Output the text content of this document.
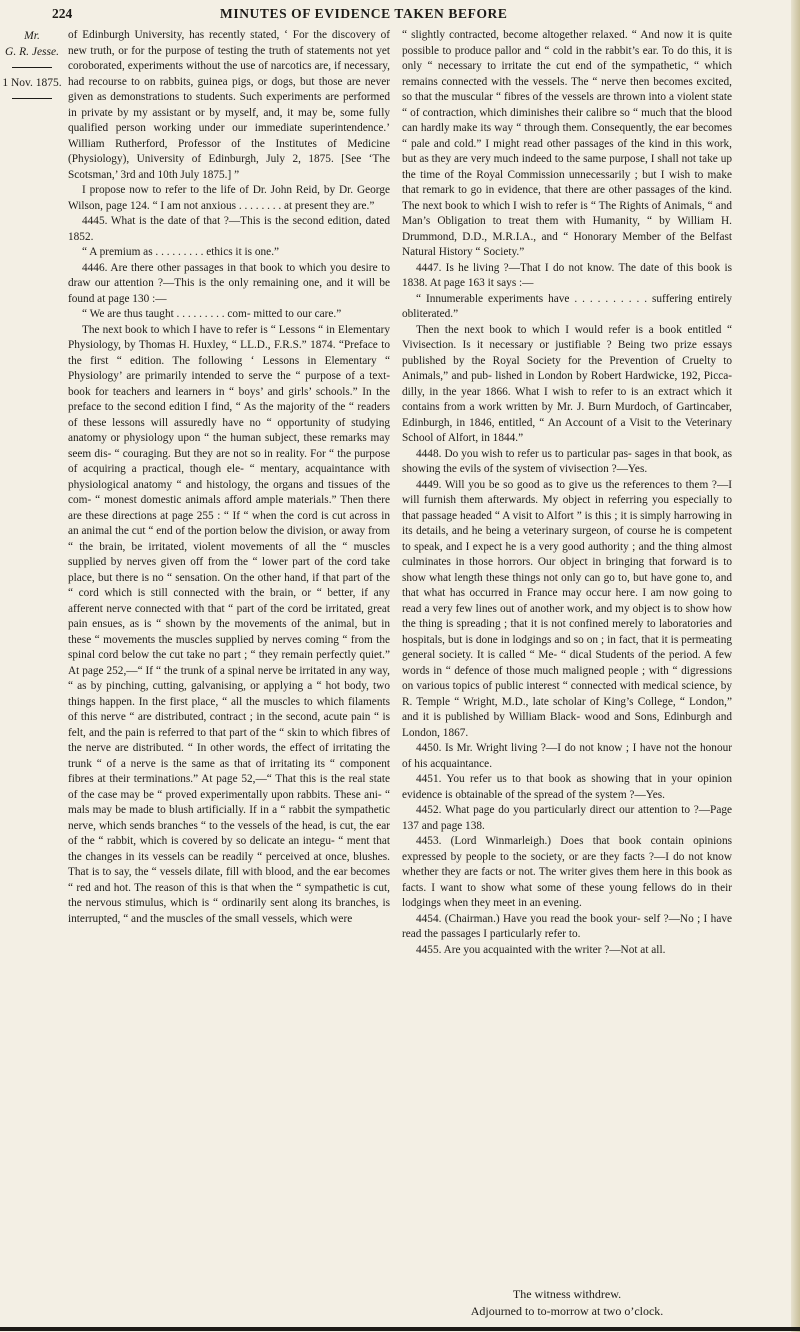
224	MINUTES OF EVIDENCE TAKEN BEFORE
Mr.
G. R. Jesse.
1 Nov. 1875.

of Edinburgh University, has recently stated, ‘ For the discovery of new truth, or for the purpose of testing the truth of statements not yet coroborated, experiments without the use of narcotics are, if necessary, had recourse to on rabbits, guinea pigs, or dogs, but those are never given as demonstrations to students. Such experiments are performed in private by my assistant or by myself, and, it may be, some fully qualified person working under our immediate superintendence.’ William Rutherford, Professor of the Institutes of Medicine (Physiology), University of Edinburgh, July 2, 1875. [See ‘The Scotsman,’ 3rd and 10th July 1875.] ”

I propose now to refer to the life of Dr. John Reid, by Dr. George Wilson, page 124. “ I am not anxious . . . . . . . . at present they are.”

4445. What is the date of that ?—This is the second edition, dated 1852.

“ A premium as . . . . . . . . . ethics it is one.”

4446. Are there other passages in that book to which you desire to draw our attention ?—This is the only remaining one, and it will be found at page 130 :—

“ We are thus taught . . . . . . . . . com- mitted to our care.”

The next book to which I have to refer is “ Lessons “ in Elementary Physiology, by Thomas H. Huxley, “ LL.D., F.R.S.” 1874. “Preface to the first “ edition. The following ‘ Lessons in Elementary “ Physiology’ are primarily intended to serve the “ purpose of a text-book for teachers and learners in “ boys’ and girls’ schools.” In the preface to the second edition I find, “ As the majority of the “ readers of these lessons will assuredly have no “ opportunity of studying anatomy or physiology upon “ the human subject, these remarks may seem dis- “ couraging. But they are not so in reality. For “ the purpose of acquiring a practical, though ele- “ mentary, acquaintance with physiological anatomy “ and histology, the organs and tissues of the com- “ monest domestic animals afford ample materials.” Then there are these directions at page 255 : “ If “ when the cord is cut across in an animal the cut “ end of the portion below the division, or away from “ the brain, be irritated, violent movements of all the “ muscles supplied by nerves given off from the “ lower part of the cord take place, but there is no “ sensation. On the other hand, if that part of the “ cord which is still connected with the brain, or “ better, if any afferent nerve connected with that “ part of the cord be irritated, great pain ensues, as is “ shown by the movements of the animal, but in these “ movements the muscles supplied by nerves coming “ from the spinal cord below the cut take no part ; “ they remain perfectly quiet.” At page 252,—“ If “ the trunk of a spinal nerve be irritated in any way, “ as by pinching, cutting, galvanising, or applying a “ hot body, two things happen. In the first place, “ all the muscles to which filaments of this nerve “ are distributed, contract ; in the second, acute pain “ is felt, and the pain is referred to that part of the “ skin to which fibres of the nerve are distributed. “ In other words, the effect of irritating the trunk “ of a nerve is the same as that of irritating its “ component fibres at their terminations.” At page 52,—“ That this is the real state of the case may be “ proved experimentally upon rabbits. These ani- “ mals may be made to blush artificially. If in a “ rabbit the sympathetic nerve, which sends branches “ to the vessels of the head, is cut, the ear of the “ rabbit, which is covered by so delicate an integu- “ ment that the changes in its vessels can be readily “ perceived at once, blushes. That is to say, the “ vessels dilate, fill with blood, and the ear becomes “ red and hot. The reason of this is that when the “ sympathetic is cut, the nervous stimulus, which is “ ordinarily sent along its branches, is interrupted, “ and the muscles of the small vessels, which were

“ slightly contracted, become altogether relaxed. “ And now it is quite possible to produce pallor and “ cold in the rabbit’s ear. To do this, it is only “ necessary to irritate the cut end of the sympathetic, “ which remains connected with the vessels. The “ nerve then becomes excited, so that the muscular “ fibres of the vessels are thrown into a violent state “ of contraction, which diminishes their calibre so “ much that the blood can hardly make its way “ through them. Consequently, the ear becomes “ pale and cold.” I might read other passages of the kind in this work, but as they are very much indeed to the same purpose, I shall not take up the time of the Royal Commission unnecessarily ; but I wish to make that remark to go in evidence, that there are other passages of the kind. The next book to which I wish to refer is “ The Rights of Animals, “ and Man’s Obligation to treat them with Humanity, “ by William H. Drummond, D.D., M.R.I.A., and “ Honorary Member of the Belfast Natural History “ Society.”

4447. Is he living ?—That I do not know. The date of this book is 1838. At page 163 it says :—

“ Innumerable experiments have . . . . . . . . . . suffering entirely obliterated.”

Then the next book to which I would refer is a book entitled “ Vivisection. Is it necessary or justifiable ? Being two prize essays published by the Royal Society for the Prevention of Cruelty to Animals,” and pub- lished in London by Robert Hardwicke, 192, Picca- dilly, in the year 1866. What I wish to refer to is an extract which it contains from a work written by Mr. J. Burn Murdoch, of Gartincaber, Edinburgh, in 1846, entitled, “ An Account of a Visit to the Veterinary School of Alfort, in 1844.”

4448. Do you wish to refer us to particular pas- sages in that book, as showing the evils of the system of vivisection ?—Yes.

4449. Will you be so good as to give us the references to them ?—I will furnish them afterwards. My object in referring you especially to that passage headed “ A visit to Alfort ” is this ; it is simply harrowing in its details, and he being a veterinary surgeon, of course he is competent to speak, and I expect he is a very good authority ; and the thing almost culminates in those horrors. Our object in bringing that forward is to show what length these things not only can go to, but have gone to, and that what has occurred in France may occur here. I am now going to read a very few lines out of another work, and my object is to show how the thing is spreading ; that it is not confined merely to laboratories and hospitals, but is done in lodgings and so on ; in fact, that it is permeating general society. It is called “ Me- “ dical Students of the period. A few words in “ defence of those much maligned people ; with “ digressions on various topics of public interest “ connected with medical science, by R. Temple “ Wright, M.D., late scholar of King’s College, “ London,” and it is published by William Black- wood and Sons, Edinburgh and London, 1867.

4450. Is Mr. Wright living ?—I do not know ; I have not the honour of his acquaintance.

4451. You refer us to that book as showing that in your opinion evidence is obtainable of the spread of the system ?—Yes.

4452. What page do you particularly direct our attention to ?—Page 137 and page 138.

4453. (Lord Winmarleigh.) Does that book contain opinions expressed by people to the society, or are they facts ?—I do not know whether they are facts or not. The writer gives them here in this book as facts. I want to show what some of these young fellows do in their lodgings when they meet in an evening.

4454. (Chairman.) Have you read the book your- self ?—No ; I have read the passages I particularly refer to.

4455. Are you acquainted with the writer ?—Not at all.

The witness withdrew.
Adjourned to to-morrow at two o’clock.
